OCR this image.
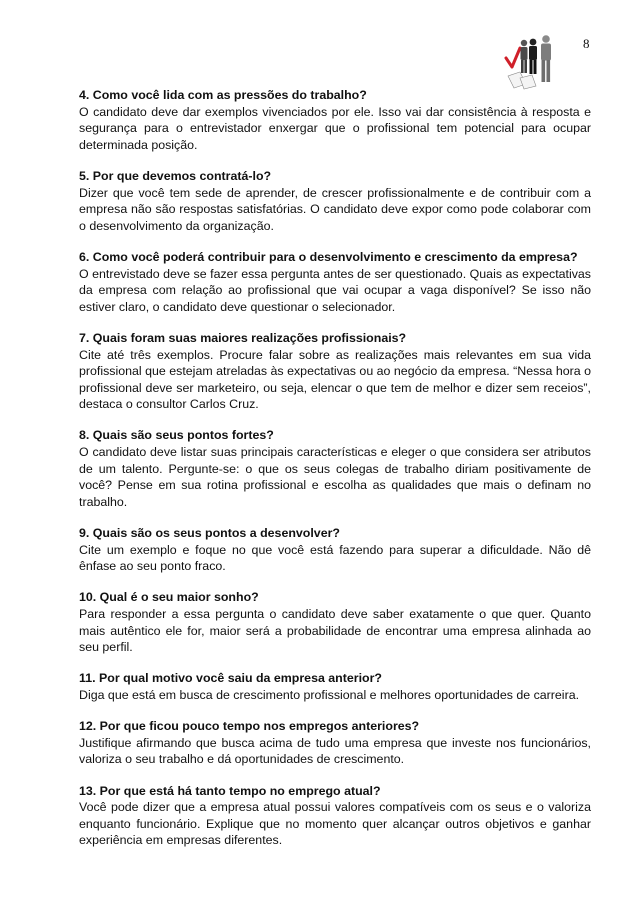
8

4. Como você lida com as pressões do trabalho?

O candidato deve dar exemplos vivenciados por ele. Isso vai dar consistência à resposta e segurança para o entrevistador enxergar que o profissional tem potencial para ocupar determinada posição.

5. Por que devemos contratá-lo?

Dizer que você tem sede de aprender, de crescer profissionalmente e de contribuir com a empresa não são respostas satisfatórias. O candidato deve expor como pode colaborar com o desenvolvimento da organização.

6. Como você poderá contribuir para o desenvolvimento e crescimento da empresa?

O entrevistado deve se fazer essa pergunta antes de ser questionado. Quais as expectativas da empresa com relação ao profissional que vai ocupar a vaga disponível? Se isso não estiver claro, o candidato deve questionar o selecionador.

7. Quais foram suas maiores realizações profissionais?

Cite até três exemplos. Procure falar sobre as realizações mais relevantes em sua vida profissional que estejam atreladas às expectativas ou ao negócio da empresa. “Nessa hora o profissional deve ser marketeiro, ou seja, elencar o que tem de melhor e dizer sem receios”, destaca o consultor Carlos Cruz.

8. Quais são seus pontos fortes?

O candidato deve listar suas principais características e eleger o que considera ser atributos de um talento. Pergunte-se: o que os seus colegas de trabalho diriam positivamente de você? Pense em sua rotina profissional e escolha as qualidades que mais o definam no trabalho.

9. Quais são os seus pontos a desenvolver?

Cite um exemplo e foque no que você está fazendo para superar a dificuldade. Não dê ênfase ao seu ponto fraco.

10. Qual é o seu maior sonho?

Para responder a essa pergunta o candidato deve saber exatamente o que quer. Quanto mais autêntico ele for, maior será a probabilidade de encontrar uma empresa alinhada ao seu perfil.

11. Por qual motivo você saiu da empresa anterior?

Diga que está em busca de crescimento profissional e melhores oportunidades de carreira.

12. Por que ficou pouco tempo nos empregos anteriores?

Justifique afirmando que busca acima de tudo uma empresa que investe nos funcionários, valoriza o seu trabalho e dá oportunidades de crescimento.

13. Por que está há tanto tempo no emprego atual?

Você pode dizer que a empresa atual possui valores compatíveis com os seus e o valoriza enquanto funcionário. Explique que no momento quer alcançar outros objetivos e ganhar experiência em empresas diferentes.
